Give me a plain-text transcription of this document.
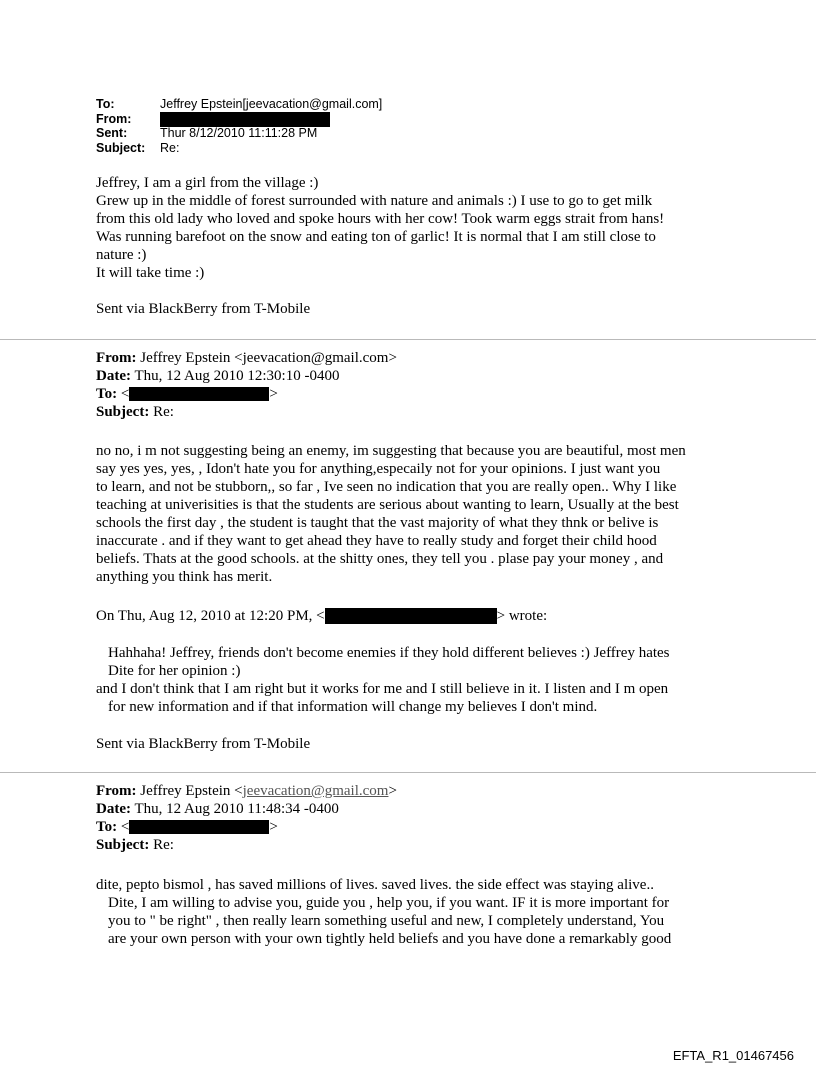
To:	Jeffrey Epstein[jeevacation@gmail.com]
From:
Sent:	Thur 8/12/2010 11:11:28 PM
Subject:	Re:
Jeffrey, I am a girl from the village :)
Grew up in the middle of forest surrounded with nature and animals :) I use to go to get milk
from this old lady who loved and spoke hours with her cow! Took warm eggs strait from hans!
Was running barefoot on the snow and eating ton of garlic! It is normal that I am still close to
nature :)
It will take time :)
Sent via BlackBerry from T-Mobile
From: Jeffrey Epstein <jeevacation@gmail.com>
Date: Thu, 12 Aug 2010 12:30:10 -0400
To: <	>
Subject: Re:
no no, i m not suggesting being an enemy, im suggesting that because you are beautiful, most men
say yes yes, yes, , Idon't hate you for anything,especaily not for your opinions. I just want you
to learn, and not be stubborn,, so far , Ive seen no indication that you are really open.. Why I like
teaching at univerisities is that the students are serious about wanting to learn, Usually at the best
schools the first day , the student is taught that the vast majority of what they thnk or belive is
inaccurate . and if they want to get ahead they have to really study and forget their child hood
beliefs. Thats at the good schools. at the shitty ones, they tell you . plase pay your money , and
anything you think has merit.
On Thu, Aug 12, 2010 at 12:20 PM, <	> wrote:
Hahhaha! Jeffrey, friends don't become enemies if they hold different believes :) Jeffrey hates
Dite for her opinion :)
and I don't think that I am right but it works for me and I still believe in it. I listen and I m open
for new information and if that information will change my believes I don't mind.
Sent via BlackBerry from T-Mobile
From: Jeffrey Epstein <jeevacation@gmail.com>
Date: Thu, 12 Aug 2010 11:48:34 -0400
To: <	>
Subject: Re:
dite, pepto bismol , has saved millions of lives. saved lives. the side effect was staying alive..
Dite, I am willing to advise you, guide you , help you, if you want. IF it is more important for
you to " be right" , then really learn something useful and new, I completely understand, You
are your own person with your own tightly held beliefs and you have done a remarkably good
EFTA_R1_01467456
